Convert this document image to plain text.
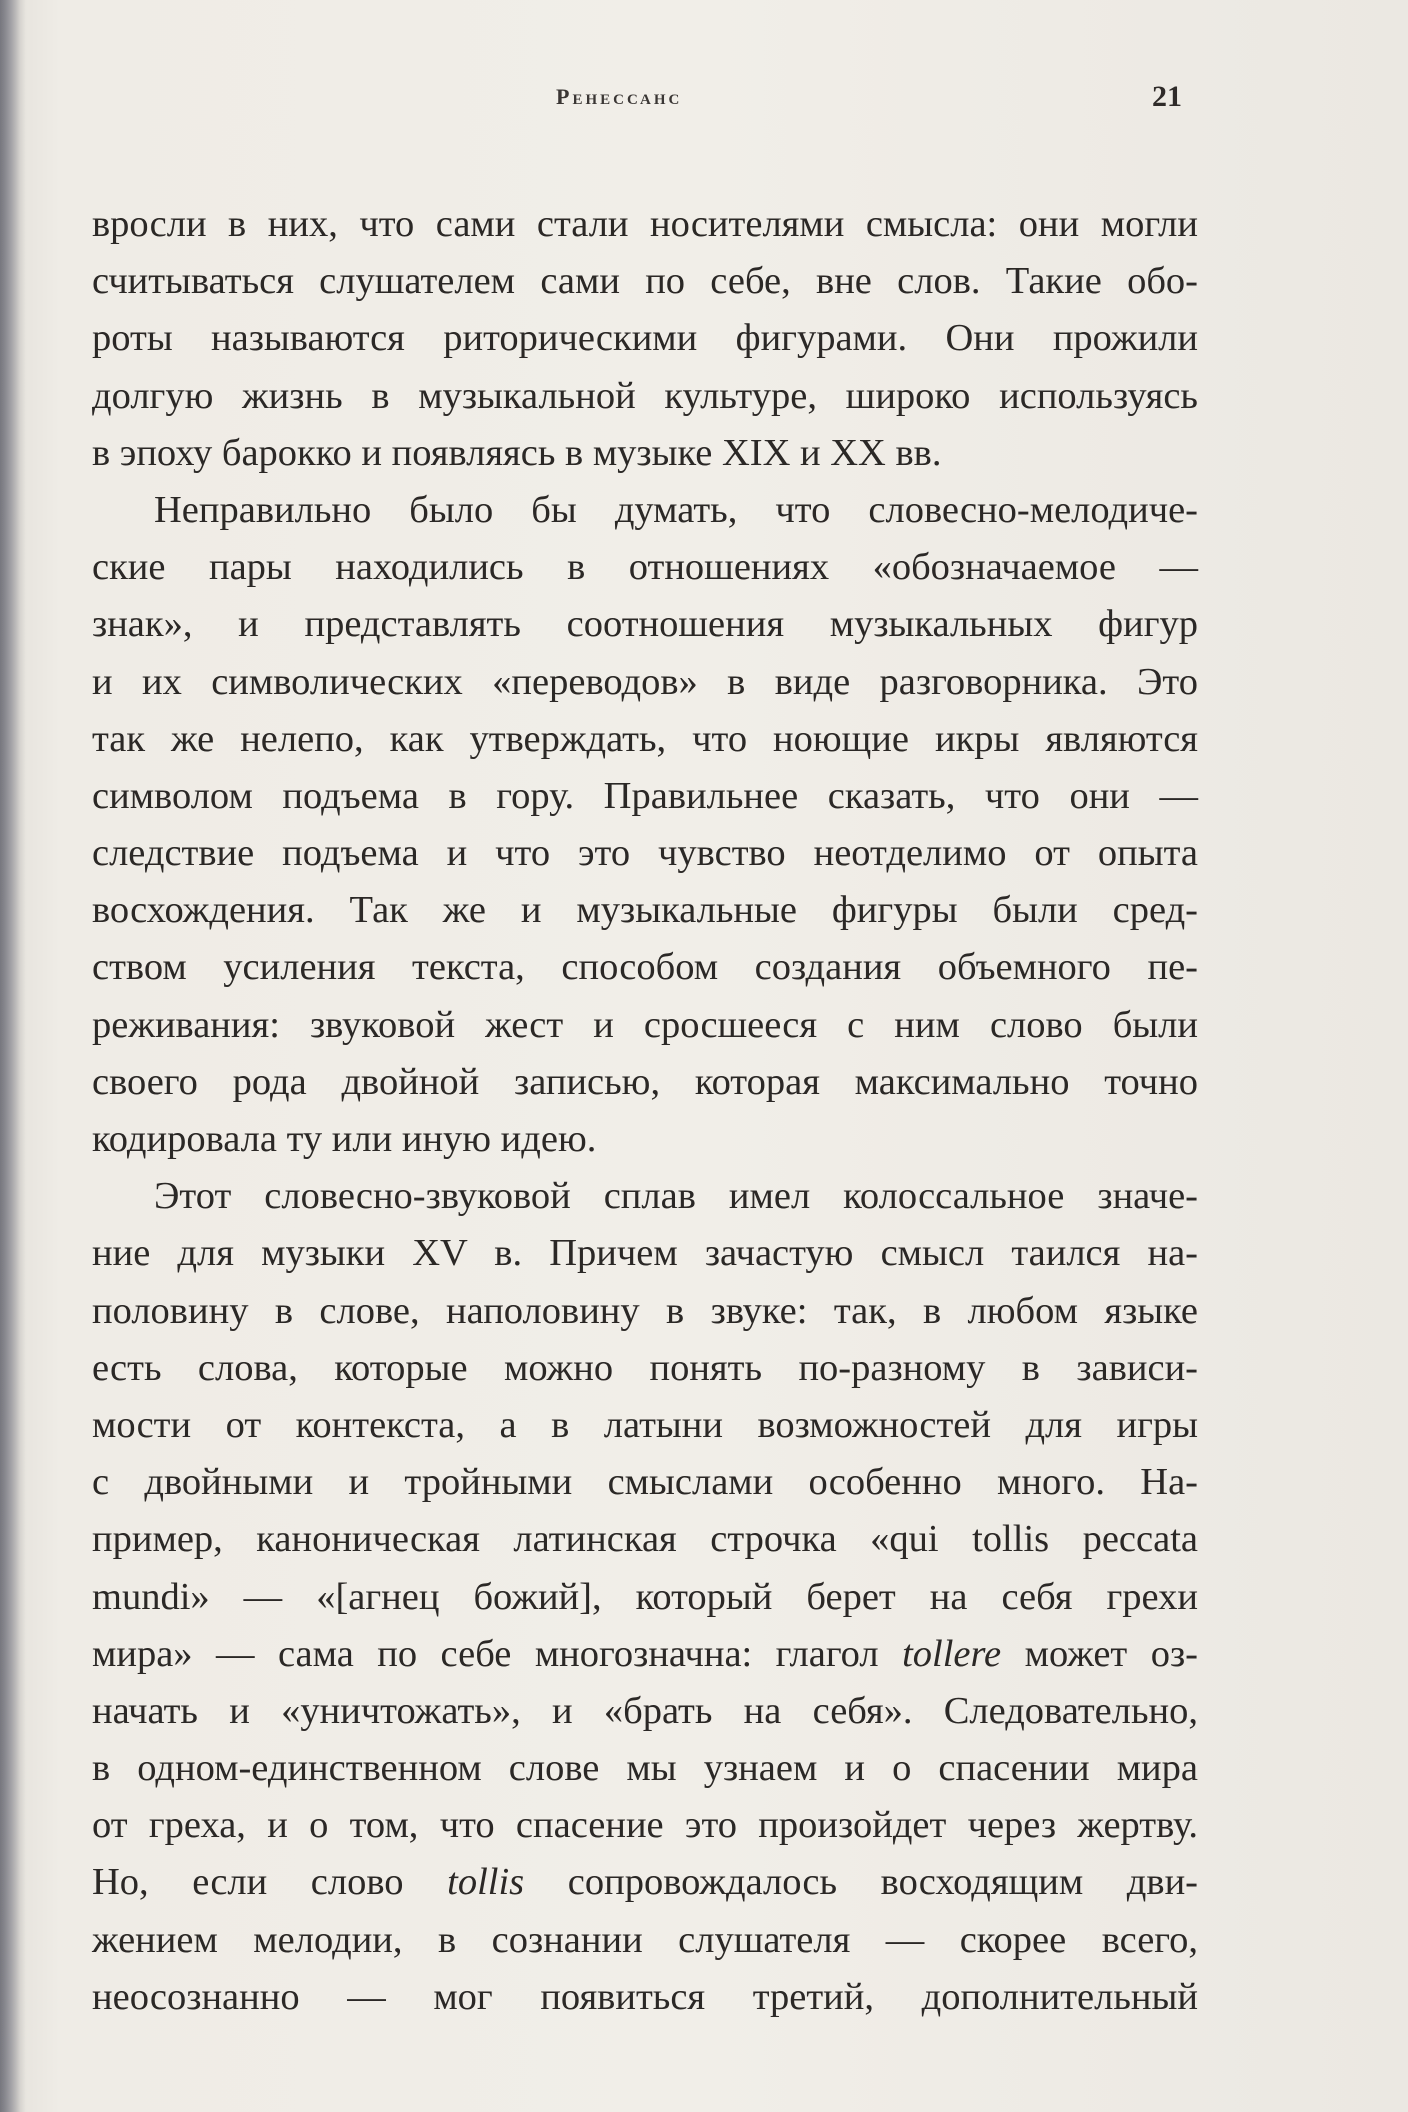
Ренессанс	21
вросли в них, что сами стали носителями смысла: они могли
считываться слушателем сами по себе, вне слов. Такие обо-
роты называются риторическими фигурами. Они прожили
долгую жизнь в музыкальной культуре, широко используясь
в эпоху барокко и появляясь в музыке XIX и XX вв.
Неправильно было бы думать, что словесно-мелодиче-
ские пары находились в отношениях «обозначаемое —
знак», и представлять соотношения музыкальных фигур
и их символических «переводов» в виде разговорника. Это
так же нелепо, как утверждать, что ноющие икры являются
символом подъема в гору. Правильнее сказать, что они —
следствие подъема и что это чувство неотделимо от опыта
восхождения. Так же и музыкальные фигуры были сред-
ством усиления текста, способом создания объемного пе-
реживания: звуковой жест и сросшееся с ним слово были
своего рода двойной записью, которая максимально точно
кодировала ту или иную идею.
Этот словесно-звуковой сплав имел колоссальное значе-
ние для музыки XV в. Причем зачастую смысл таился на-
половину в слове, наполовину в звуке: так, в любом языке
есть слова, которые можно понять по-разному в зависи-
мости от контекста, а в латыни возможностей для игры
с двойными и тройными смыслами особенно много. На-
пример, каноническая латинская строчка «qui tollis peccata
mundi» — «[агнец божий], который берет на себя грехи
мира» — сама по себе многозначна: глагол tollere может оз-
начать и «уничтожать», и «брать на себя». Следовательно,
в одном-единственном слове мы узнаем и о спасении мира
от греха, и о том, что спасение это произойдет через жертву.
Но, если слово tollis сопровождалось восходящим дви-
жением мелодии, в сознании слушателя — скорее всего,
неосознанно — мог появиться третий, дополнительный
